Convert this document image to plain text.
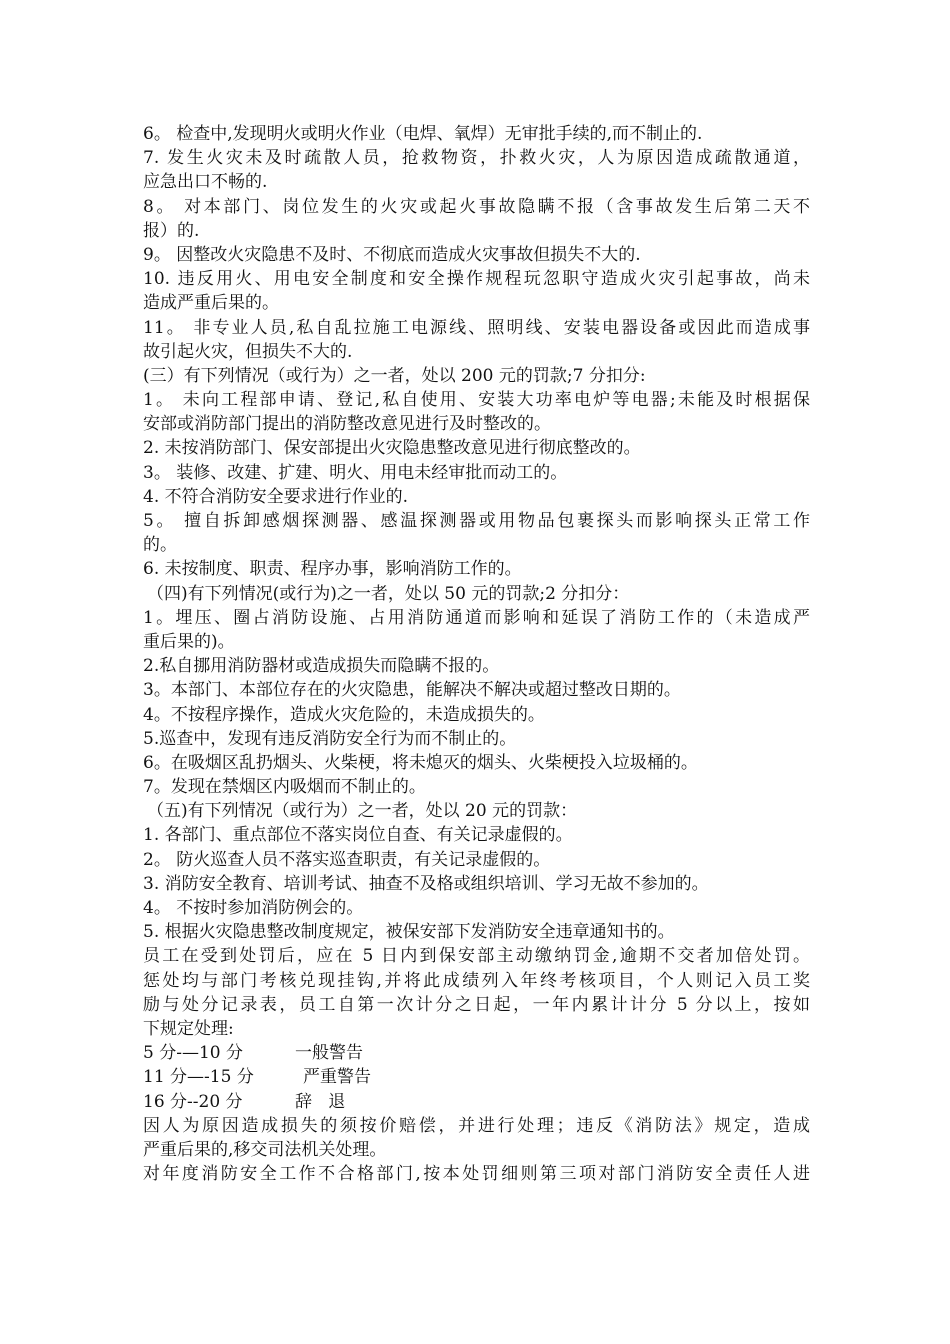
6。 检查中,发现明火或明火作业（电焊、氧焊）无审批手续的,而不制止的.
7. 发生火灾未及时疏散人员，抢救物资，扑救火灾，人为原因造成疏散通道，
应急出口不畅的.
8。 对本部门、岗位发生的火灾或起火事故隐瞒不报（含事故发生后第二天不
报）的.
9。 因整改火灾隐患不及时、不彻底而造成火灾事故但损失不大的.
10. 违反用火、用电安全制度和安全操作规程玩忽职守造成火灾引起事故，尚未
造成严重后果的。
11。 非专业人员,私自乱拉施工电源线、照明线、安装电器设备或因此而造成事
故引起火灾，但损失不大的.
(三）有下列情况（或行为）之一者，处以 200 元的罚款;7 分扣分:
1。 未向工程部申请、登记,私自使用、安装大功率电炉等电器;未能及时根据保
安部或消防部门提出的消防整改意见进行及时整改的。
2. 未按消防部门、保安部提出火灾隐患整改意见进行彻底整改的。
3。 装修、改建、扩建、明火、用电未经审批而动工的。
4. 不符合消防安全要求进行作业的.
5。 擅自拆卸感烟探测器、感温探测器或用物品包裹探头而影响探头正常工作
的。
6. 未按制度、职责、程序办事，影响消防工作的。
（四)有下列情况(或行为)之一者，处以 50 元的罚款;2 分扣分：
1。埋压、圈占消防设施、占用消防通道而影响和延误了消防工作的（未造成严
重后果的)。
2.私自挪用消防器材或造成损失而隐瞒不报的。
3。本部门、本部位存在的火灾隐患，能解决不解决或超过整改日期的。
4。不按程序操作，造成火灾危险的，未造成损失的。
5.巡查中，发现有违反消防安全行为而不制止的。
6。在吸烟区乱扔烟头、火柴梗，将未熄灭的烟头、火柴梗投入垃圾桶的。
7。发现在禁烟区内吸烟而不制止的。
（五)有下列情况（或行为）之一者，处以 20 元的罚款：
1. 各部门、重点部位不落实岗位自查、有关记录虚假的。
2。 防火巡查人员不落实巡查职责，有关记录虚假的。
3. 消防安全教育、培训考试、抽查不及格或组织培训、学习无故不参加的。
4。 不按时参加消防例会的。
5. 根据火灾隐患整改制度规定，被保安部下发消防安全违章通知书的。
员工在受到处罚后，应在 5 日内到保安部主动缴纳罚金,逾期不交者加倍处罚。
惩处均与部门考核兑现挂钩,并将此成绩列入年终考核项目，个人则记入员工奖
励与处分记录表，员工自第一次计分之日起，一年内累计计分 5 分以上，按如
下规定处理:
5 分-—10 分	一般警告
11 分—-15 分	严重警告
16 分--20 分	辞   退
因人为原因造成损失的须按价赔偿，并进行处理；违反《消防法》规定，造成
严重后果的,移交司法机关处理。
对年度消防安全工作不合格部门,按本处罚细则第三项对部门消防安全责任人进
